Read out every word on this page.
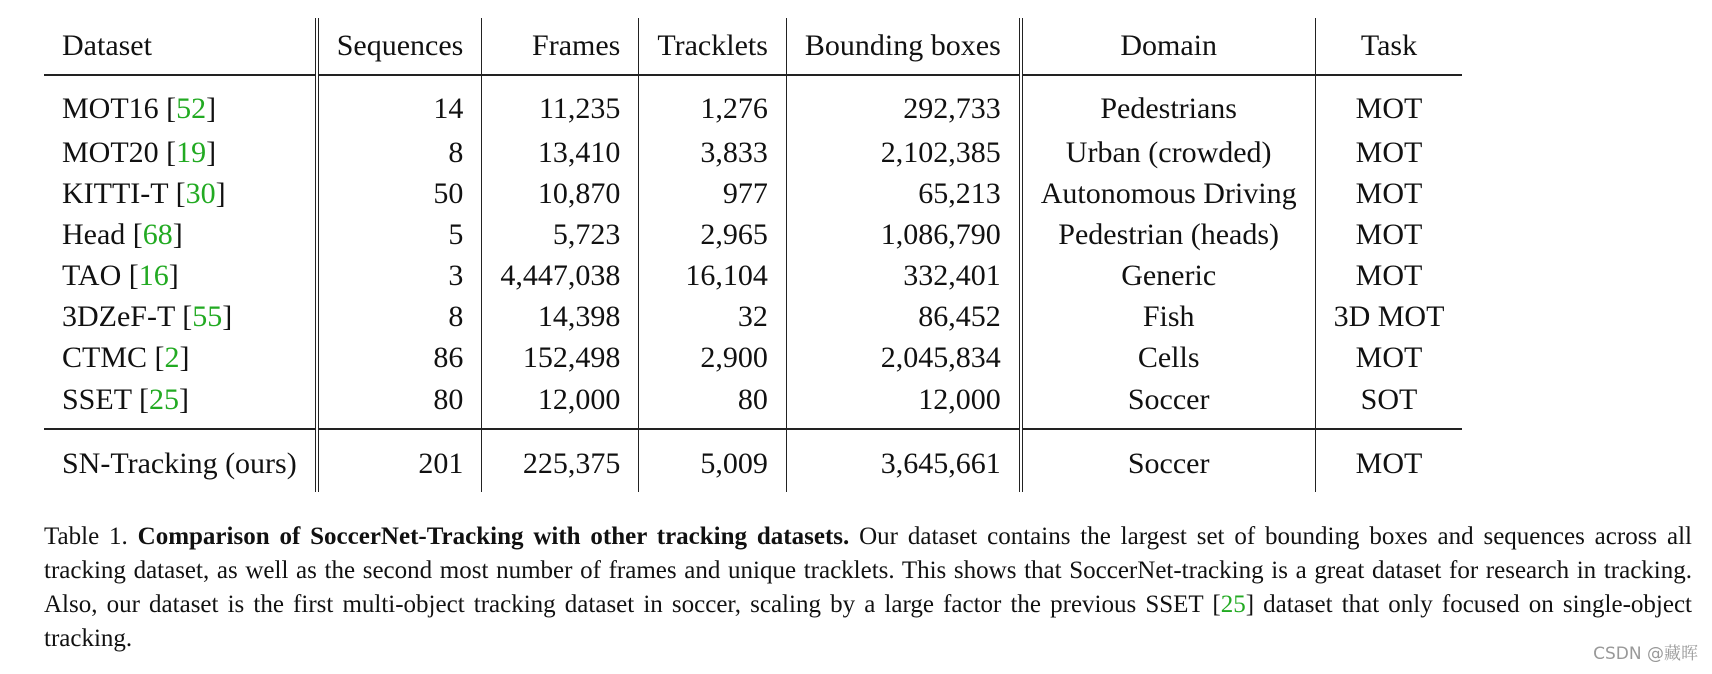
Dataset	Sequences	Frames	Tracklets	Bounding boxes	Domain	Task
MOT16 [52]	14	11,235	1,276	292,733	Pedestrians	MOT
MOT20 [19]	8	13,410	3,833	2,102,385	Urban (crowded)	MOT
KITTI-T [30]	50	10,870	977	65,213	Autonomous Driving	MOT
Head [68]	5	5,723	2,965	1,086,790	Pedestrian (heads)	MOT
TAO [16]	3	4,447,038	16,104	332,401	Generic	MOT
3DZeF-T [55]	8	14,398	32	86,452	Fish	3D MOT
CTMC [2]	86	152,498	2,900	2,045,834	Cells	MOT
SSET [25]	80	12,000	80	12,000	Soccer	SOT
SN-Tracking (ours)	201	225,375	5,009	3,645,661	Soccer	MOT
Table 1. Comparison of SoccerNet-Tracking with other tracking datasets. Our dataset contains the largest set of bounding boxes and sequences across all tracking dataset, as well as the second most number of frames and unique tracklets. This shows that SoccerNet-tracking is a great dataset for research in tracking. Also, our dataset is the first multi-object tracking dataset in soccer, scaling by a large factor the previous SSET [25] dataset that only focused on single-object tracking.
CSDN @藏晖
